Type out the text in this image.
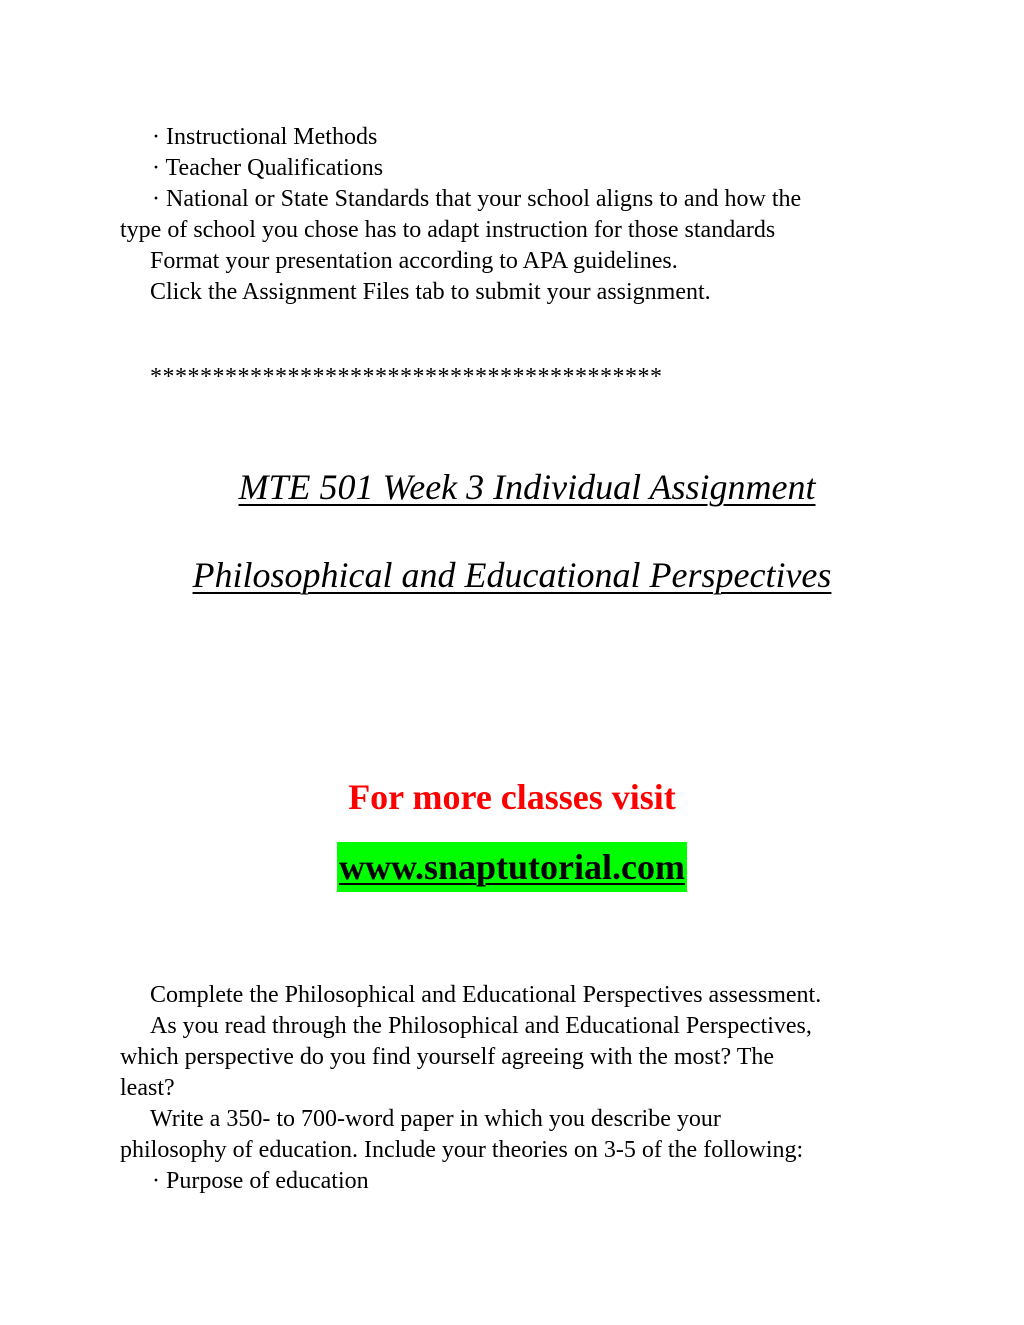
· Instructional Methods
· Teacher Qualifications
· National or State Standards that your school aligns to and how the
type of school you chose has to adapt instruction for those standards
Format your presentation according to APA guidelines.
Click the Assignment Files tab to submit your assignment.
*****************************************
MTE 501 Week 3 Individual Assignment
Philosophical and Educational Perspectives
For more classes visit
www.snaptutorial.com
Complete the Philosophical and Educational Perspectives assessment.
As you read through the Philosophical and Educational Perspectives,
which perspective do you find yourself agreeing with the most? The
least?
Write a 350- to 700-word paper in which you describe your
philosophy of education. Include your theories on 3-5 of the following:
· Purpose of education
